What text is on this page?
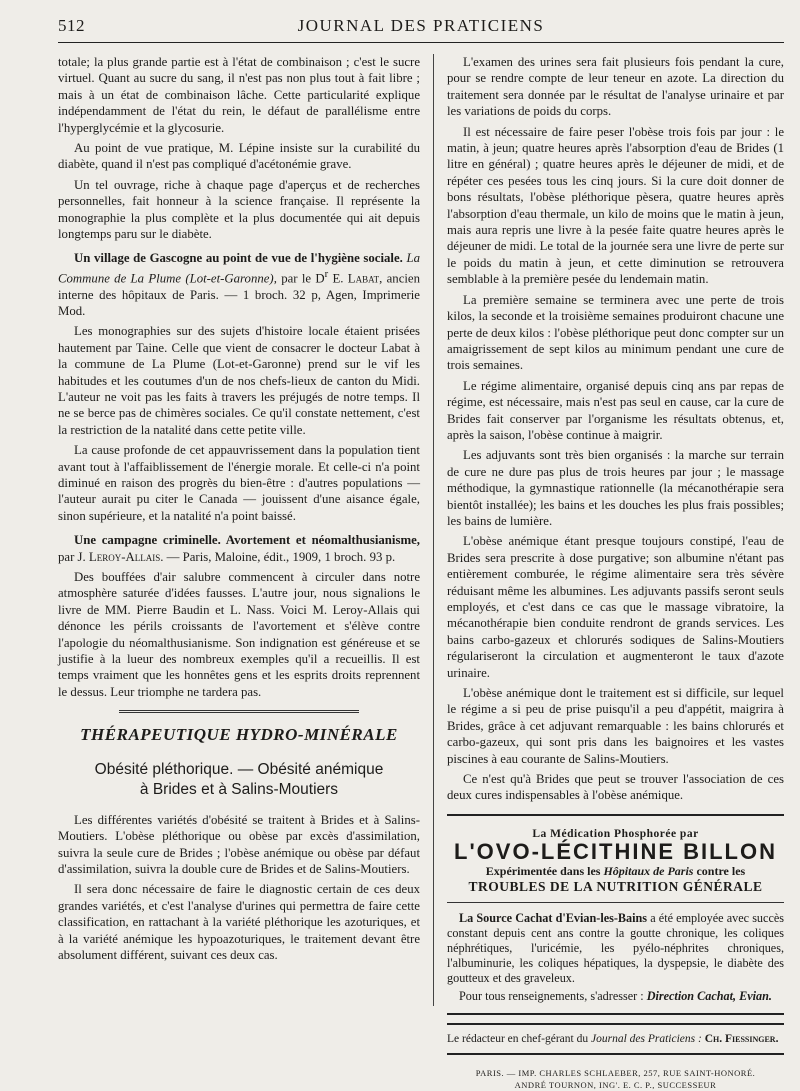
512	JOURNAL DES PRATICIENS

totale; la plus grande partie est à l'état de combinaison ; c'est le sucre virtuel. Quant au sucre du sang, il n'est pas non plus tout à fait libre ; mais à un état de combinaison lâche. Cette particularité explique indépendamment de l'état du rein, le défaut de parallélisme entre l'hyperglycémie et la glycosurie.

Au point de vue pratique, M. Lépine insiste sur la curabilité du diabète, quand il n'est pas compliqué d'acétonémie grave.

Un tel ouvrage, riche à chaque page d'aperçus et de recherches personnelles, fait honneur à la science française. Il représente la monographie la plus complète et la plus documentée qui ait depuis longtemps paru sur le diabète.

Un village de Gascogne au point de vue de l'hygiène sociale. La Commune de La Plume (Lot-et-Garonne), par le $D^r$ E. Labat, ancien interne des hôpitaux de Paris. — 1 broch. 32 p, Agen, Imprimerie Mod.

Les monographies sur des sujets d'histoire locale étaient prisées hautement par Taine. Celle que vient de consacrer le docteur Labat à la commune de La Plume (Lot-et-Garonne) prend sur le vif les habitudes et les coutumes d'un de nos chefs-lieux de canton du Midi. L'auteur ne voit pas les faits à travers les préjugés de notre temps. Il ne se berce pas de chimères sociales. Ce qu'il constate nettement, c'est la restriction de la natalité dans cette petite ville.

La cause profonde de cet appauvrissement dans la population tient avant tout à l'affaiblissement de l'énergie morale. Et celle-ci n'a point diminué en raison des progrès du bien-être : d'autres populations — l'auteur aurait pu citer le Canada — jouissent d'une aisance égale, sinon supérieure, et la natalité n'a point baissé.

Une campagne criminelle. Avortement et néomalthusianisme, par J. Leroy-Allais. — Paris, Maloine, édit., 1909, 1 broch. 93 p.

Des bouffées d'air salubre commencent à circuler dans notre atmosphère saturée d'idées fausses. L'autre jour, nous signalions le livre de MM. Pierre Baudin et L. Nass. Voici M. Leroy-Allais qui dénonce les périls croissants de l'avortement et s'élève contre l'apologie du néomalthusianisme. Son indignation est généreuse et se justifie à la lueur des nombreux exemples qu'il a recueillis. Il est temps vraiment que les honnêtes gens et les esprits droits reprennent le dessus. Leur triomphe ne tardera pas.

THÉRAPEUTIQUE HYDRO-MINÉRALE
Obésité pléthorique. — Obésité anémique
à Brides et à Salins-Moutiers

Les différentes variétés d'obésité se traitent à Brides et à Salins-Moutiers. L'obèse pléthorique ou obèse par excès d'assimilation, suivra la seule cure de Brides ; l'obèse anémique ou obèse par défaut d'assimilation, suivra la double cure de Brides et de Salins-Moutiers.

Il sera donc nécessaire de faire le diagnostic certain de ces deux grandes variétés, et c'est l'analyse d'urines qui permettra de faire cette classification, en rattachant à la variété pléthorique les azoturiques, et à la variété anémique les hypoazoturiques, le traitement devant être absolument différent, suivant ces deux cas.

L'examen des urines sera fait plusieurs fois pendant la cure, pour se rendre compte de leur teneur en azote. La direction du traitement sera donnée par le résultat de l'analyse urinaire et par les variations de poids du corps.

Il est nécessaire de faire peser l'obèse trois fois par jour : le matin, à jeun; quatre heures après l'absorption d'eau de Brides (1 litre en général) ; quatre heures après le déjeuner de midi, et de répéter ces pesées tous les cinq jours. Si la cure doit donner de bons résultats, l'obèse pléthorique pèsera, quatre heures après l'absorption d'eau thermale, un kilo de moins que le matin à jeun, mais aura repris une livre à la pesée faite quatre heures après le déjeuner de midi. Le total de la journée sera une livre de perte sur le poids du matin à jeun, et cette diminution se retrouvera semblable à la première pesée du lendemain matin.

La première semaine se terminera avec une perte de trois kilos, la seconde et la troisième semaines produiront chacune une perte de deux kilos : l'obèse pléthorique peut donc compter sur un amaigrissement de sept kilos au minimum pendant une cure de trois semaines.

Le régime alimentaire, organisé depuis cinq ans par repas de régime, est nécessaire, mais n'est pas seul en cause, car la cure de Brides fait conserver par l'organisme les résultats obtenus, et, après la saison, l'obèse continue à maigrir.

Les adjuvants sont très bien organisés : la marche sur terrain de cure ne dure pas plus de trois heures par jour ; le massage méthodique, la gymnastique rationnelle (la mécanothérapie sera bientôt installée); les bains et les douches les plus frais possibles; les bains de lumière.

L'obèse anémique étant presque toujours constipé, l'eau de Brides sera prescrite à dose purgative; son albumine n'étant pas entièrement comburée, le régime alimentaire sera très sévère réduisant même les albumines. Les adjuvants passifs seront seuls employés, et c'est dans ce cas que le massage vibratoire, la mécanothérapie bien conduite rendront de grands services. Les bains carbo-gazeux et chlorurés sodiques de Salins-Moutiers régulariseront la circulation et augmenteront le taux d'azote urinaire.

L'obèse anémique dont le traitement est si difficile, sur lequel le régime a si peu de prise puisqu'il a peu d'appétit, maigrira à Brides, grâce à cet adjuvant remarquable : les bains chlorurés et carbo-gazeux, qui sont pris dans les baignoires et les vastes piscines à eau courante de Salins-Moutiers.

Ce n'est qu'à Brides que peut se trouver l'association de ces deux cures indispensables à l'obèse anémique.

La Médication Phosphorée par
L'OVO-LÉCITHINE BILLON
Expérimentée dans les Hôpitaux de Paris contre les
TROUBLES DE LA NUTRITION GÉNÉRALE

La Source Cachat d'Evian-les-Bains a été employée avec succès constant depuis cent ans contre la goutte chronique, les coliques néphrétiques, l'uricémie, les pyélo-néphrites chroniques, l'albuminurie, les coliques hépatiques, la dyspepsie, le diabète des goutteux et des graveleux.

Pour tous renseignements, s'adresser : Direction Cachat, Evian.

Le rédacteur en chef-gérant du Journal des Praticiens : Ch. Fiessinger.
PARIS. — IMP. CHARLES SCHLAEBER, 257, RUE SAINT-HONORÉ.
ANDRÉ TOURNON, ING'. E. C. P., SUCCESSEUR
